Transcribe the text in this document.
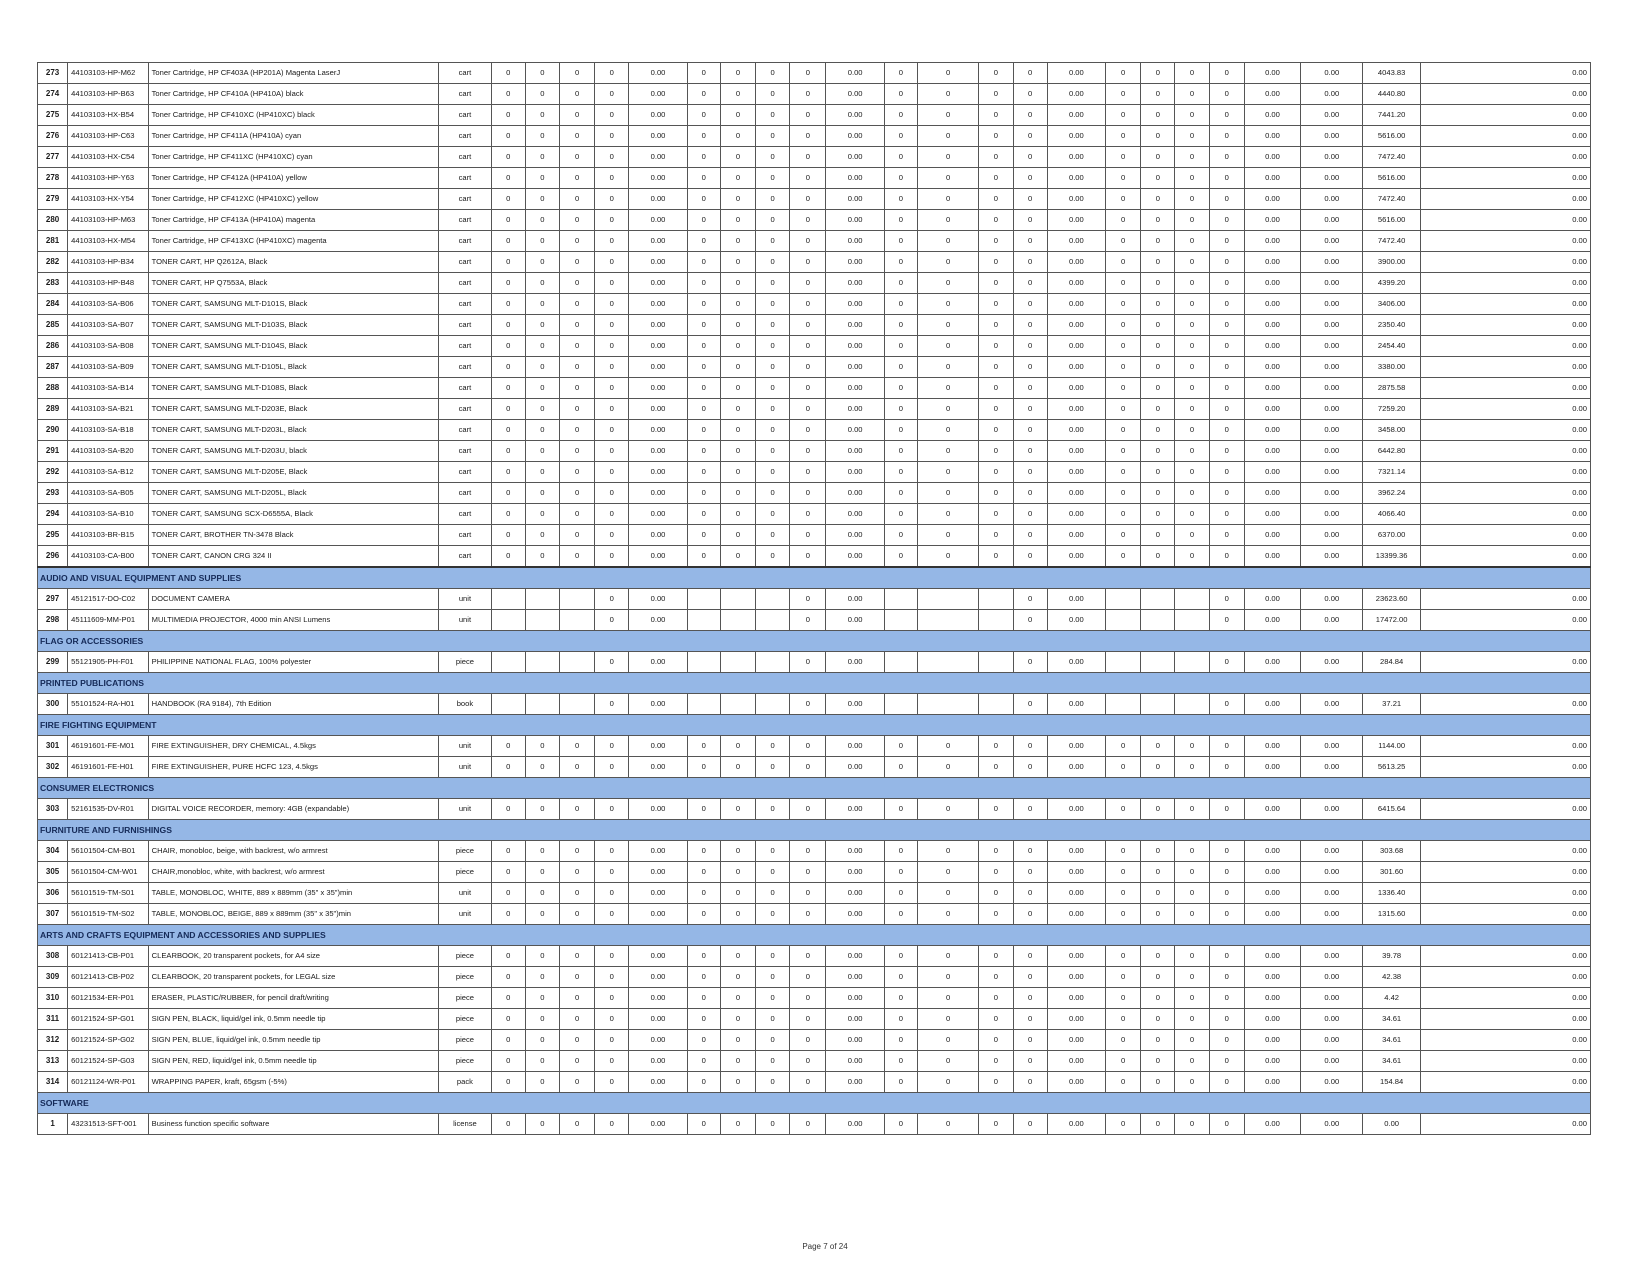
273	44103103-HP-M62	Toner Cartridge, HP CF403A (HP201A) Magenta LaserJ	cart	0	0	0	0	0.00	0	0	0	0	0.00	0	0	0	0	0.00	0	0	0	0	0.00	0.00	4043.83	0.00
274	44103103-HP-B63	Toner Cartridge, HP CF410A (HP410A) black	cart	0	0	0	0	0.00	0	0	0	0	0.00	0	0	0	0	0.00	0	0	0	0	0.00	0.00	4440.80	0.00
275	44103103-HX-B54	Toner Cartridge, HP CF410XC (HP410XC) black	cart	0	0	0	0	0.00	0	0	0	0	0.00	0	0	0	0	0.00	0	0	0	0	0.00	0.00	7441.20	0.00
276	44103103-HP-C63	Toner Cartridge, HP CF411A (HP410A) cyan	cart	0	0	0	0	0.00	0	0	0	0	0.00	0	0	0	0	0.00	0	0	0	0	0.00	0.00	5616.00	0.00
277	44103103-HX-C54	Toner Cartridge, HP CF411XC (HP410XC) cyan	cart	0	0	0	0	0.00	0	0	0	0	0.00	0	0	0	0	0.00	0	0	0	0	0.00	0.00	7472.40	0.00
278	44103103-HP-Y63	Toner Cartridge, HP CF412A (HP410A) yellow	cart	0	0	0	0	0.00	0	0	0	0	0.00	0	0	0	0	0.00	0	0	0	0	0.00	0.00	5616.00	0.00
279	44103103-HX-Y54	Toner Cartridge, HP CF412XC (HP410XC) yellow	cart	0	0	0	0	0.00	0	0	0	0	0.00	0	0	0	0	0.00	0	0	0	0	0.00	0.00	7472.40	0.00
280	44103103-HP-M63	Toner Cartridge, HP CF413A (HP410A) magenta	cart	0	0	0	0	0.00	0	0	0	0	0.00	0	0	0	0	0.00	0	0	0	0	0.00	0.00	5616.00	0.00
281	44103103-HX-M54	Toner Cartridge, HP CF413XC (HP410XC) magenta	cart	0	0	0	0	0.00	0	0	0	0	0.00	0	0	0	0	0.00	0	0	0	0	0.00	0.00	7472.40	0.00
282	44103103-HP-B34	TONER CART, HP Q2612A, Black	cart	0	0	0	0	0.00	0	0	0	0	0.00	0	0	0	0	0.00	0	0	0	0	0.00	0.00	3900.00	0.00
283	44103103-HP-B48	TONER CART, HP Q7553A, Black	cart	0	0	0	0	0.00	0	0	0	0	0.00	0	0	0	0	0.00	0	0	0	0	0.00	0.00	4399.20	0.00
284	44103103-SA-B06	TONER CART, SAMSUNG MLT-D101S, Black	cart	0	0	0	0	0.00	0	0	0	0	0.00	0	0	0	0	0.00	0	0	0	0	0.00	0.00	3406.00	0.00
285	44103103-SA-B07	TONER CART, SAMSUNG MLT-D103S, Black	cart	0	0	0	0	0.00	0	0	0	0	0.00	0	0	0	0	0.00	0	0	0	0	0.00	0.00	2350.40	0.00
286	44103103-SA-B08	TONER CART, SAMSUNG MLT-D104S, Black	cart	0	0	0	0	0.00	0	0	0	0	0.00	0	0	0	0	0.00	0	0	0	0	0.00	0.00	2454.40	0.00
287	44103103-SA-B09	TONER CART, SAMSUNG MLT-D105L, Black	cart	0	0	0	0	0.00	0	0	0	0	0.00	0	0	0	0	0.00	0	0	0	0	0.00	0.00	3380.00	0.00
288	44103103-SA-B14	TONER CART, SAMSUNG MLT-D108S, Black	cart	0	0	0	0	0.00	0	0	0	0	0.00	0	0	0	0	0.00	0	0	0	0	0.00	0.00	2875.58	0.00
289	44103103-SA-B21	TONER CART, SAMSUNG MLT-D203E, Black	cart	0	0	0	0	0.00	0	0	0	0	0.00	0	0	0	0	0.00	0	0	0	0	0.00	0.00	7259.20	0.00
290	44103103-SA-B18	TONER CART, SAMSUNG MLT-D203L, Black	cart	0	0	0	0	0.00	0	0	0	0	0.00	0	0	0	0	0.00	0	0	0	0	0.00	0.00	3458.00	0.00
291	44103103-SA-B20	TONER CART, SAMSUNG MLT-D203U, black	cart	0	0	0	0	0.00	0	0	0	0	0.00	0	0	0	0	0.00	0	0	0	0	0.00	0.00	6442.80	0.00
292	44103103-SA-B12	TONER CART, SAMSUNG MLT-D205E, Black	cart	0	0	0	0	0.00	0	0	0	0	0.00	0	0	0	0	0.00	0	0	0	0	0.00	0.00	7321.14	0.00
293	44103103-SA-B05	TONER CART, SAMSUNG MLT-D205L, Black	cart	0	0	0	0	0.00	0	0	0	0	0.00	0	0	0	0	0.00	0	0	0	0	0.00	0.00	3962.24	0.00
294	44103103-SA-B10	TONER CART, SAMSUNG SCX-D6555A, Black	cart	0	0	0	0	0.00	0	0	0	0	0.00	0	0	0	0	0.00	0	0	0	0	0.00	0.00	4066.40	0.00
295	44103103-BR-B15	TONER CART, BROTHER TN-3478 Black	cart	0	0	0	0	0.00	0	0	0	0	0.00	0	0	0	0	0.00	0	0	0	0	0.00	0.00	6370.00	0.00
296	44103103-CA-B00	TONER CART, CANON CRG 324 II	cart	0	0	0	0	0.00	0	0	0	0	0.00	0	0	0	0	0.00	0	0	0	0	0.00	0.00	13399.36	0.00
AUDIO AND VISUAL EQUIPMENT AND SUPPLIES																										
297	45121517-DO-C02	DOCUMENT CAMERA	unit				0	0.00				0	0.00				0	0.00				0	0.00	0.00	23623.60	0.00
298	45111609-MM-P01	MULTIMEDIA PROJECTOR, 4000 min ANSI Lumens	unit				0	0.00				0	0.00				0	0.00				0	0.00	0.00	17472.00	0.00
FLAG OR ACCESSORIES																										
299	55121905-PH-F01	PHILIPPINE NATIONAL FLAG, 100% polyester	piece				0	0.00				0	0.00				0	0.00				0	0.00	0.00	284.84	0.00
PRINTED PUBLICATIONS																										
300	55101524-RA-H01	HANDBOOK (RA 9184), 7th Edition	book				0	0.00				0	0.00				0	0.00				0	0.00	0.00	37.21	0.00
FIRE FIGHTING EQUIPMENT																										
301	46191601-FE-M01	FIRE EXTINGUISHER, DRY CHEMICAL, 4.5kgs	unit	0	0	0	0	0.00	0	0	0	0	0.00	0	0	0	0	0.00	0	0	0	0	0.00	0.00	1144.00	0.00
302	46191601-FE-H01	FIRE EXTINGUISHER, PURE HCFC 123, 4.5kgs	unit	0	0	0	0	0.00	0	0	0	0	0.00	0	0	0	0	0.00	0	0	0	0	0.00	0.00	5613.25	0.00
CONSUMER ELECTRONICS																										
303	52161535-DV-R01	DIGITAL VOICE RECORDER, memory: 4GB (expandable)	unit	0	0	0	0	0.00	0	0	0	0	0.00	0	0	0	0	0.00	0	0	0	0	0.00	0.00	6415.64	0.00
FURNITURE AND FURNISHINGS																										
304	56101504-CM-B01	CHAIR, monobloc, beige, with backrest, w/o armrest	piece	0	0	0	0	0.00	0	0	0	0	0.00	0	0	0	0	0.00	0	0	0	0	0.00	0.00	303.68	0.00
305	56101504-CM-W01	CHAIR,monobloc, white, with backrest, w/o armrest	piece	0	0	0	0	0.00	0	0	0	0	0.00	0	0	0	0	0.00	0	0	0	0	0.00	0.00	301.60	0.00
306	56101519-TM-S01	TABLE, MONOBLOC, WHITE, 889 x 889mm (35" x 35")min	unit	0	0	0	0	0.00	0	0	0	0	0.00	0	0	0	0	0.00	0	0	0	0	0.00	0.00	1336.40	0.00
307	56101519-TM-S02	TABLE, MONOBLOC, BEIGE, 889 x 889mm (35" x 35")min	unit	0	0	0	0	0.00	0	0	0	0	0.00	0	0	0	0	0.00	0	0	0	0	0.00	0.00	1315.60	0.00
ARTS AND CRAFTS EQUIPMENT AND ACCESSORIES AND SUPPLIES																										
308	60121413-CB-P01	CLEARBOOK, 20 transparent pockets, for A4 size	piece	0	0	0	0	0.00	0	0	0	0	0.00	0	0	0	0	0.00	0	0	0	0	0.00	0.00	39.78	0.00
309	60121413-CB-P02	CLEARBOOK, 20 transparent pockets, for LEGAL size	piece	0	0	0	0	0.00	0	0	0	0	0.00	0	0	0	0	0.00	0	0	0	0	0.00	0.00	42.38	0.00
310	60121534-ER-P01	ERASER, PLASTIC/RUBBER, for pencil draft/writing	piece	0	0	0	0	0.00	0	0	0	0	0.00	0	0	0	0	0.00	0	0	0	0	0.00	0.00	4.42	0.00
311	60121524-SP-G01	SIGN PEN, BLACK, liquid/gel ink, 0.5mm needle tip	piece	0	0	0	0	0.00	0	0	0	0	0.00	0	0	0	0	0.00	0	0	0	0	0.00	0.00	34.61	0.00
312	60121524-SP-G02	SIGN PEN, BLUE, liquid/gel ink, 0.5mm needle tip	piece	0	0	0	0	0.00	0	0	0	0	0.00	0	0	0	0	0.00	0	0	0	0	0.00	0.00	34.61	0.00
313	60121524-SP-G03	SIGN PEN, RED, liquid/gel ink, 0.5mm needle tip	piece	0	0	0	0	0.00	0	0	0	0	0.00	0	0	0	0	0.00	0	0	0	0	0.00	0.00	34.61	0.00
314	60121124-WR-P01	WRAPPING PAPER, kraft, 65gsm (-5%)	pack	0	0	0	0	0.00	0	0	0	0	0.00	0	0	0	0	0.00	0	0	0	0	0.00	0.00	154.84	0.00
SOFTWARE																										
1	43231513-SFT-001	Business function specific software	license	0	0	0	0	0.00	0	0	0	0	0.00	0	0	0	0	0.00	0	0	0	0	0.00	0.00	0.00	0.00
Page 7 of 24
